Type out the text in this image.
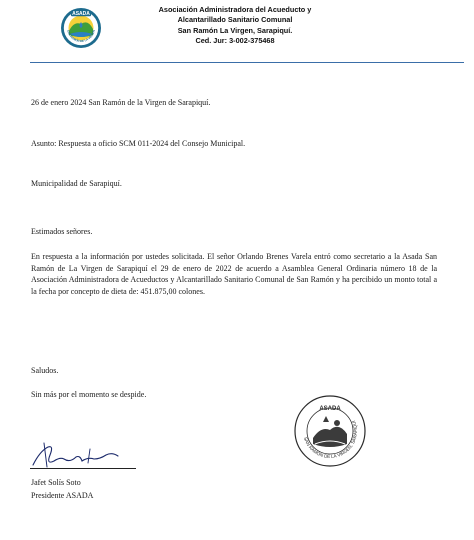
ASADA
SAN RAMÓN DE LA VIRGEN
Asociación Administradora del Acueducto y
Alcantarillado Sanitario Comunal
San Ramón La Virgen, Sarapiquí.
Ced. Jur: 3-002-375468
26 de enero 2024 San Ramón de la Virgen de Sarapiquí.
Asunto: Respuesta a oficio SCM 011-2024 del Consejo Municipal.
Municipalidad de Sarapiquí.
Estimados señores.
En respuesta a la información por ustedes solicitada. El señor Orlando Brenes Varela entró como secretario a la Asada San Ramón de La Virgen de Sarapiquí el 29 de enero de 2022 de acuerdo a Asamblea General Ordinaria número 18 de la Asociación Administradora de Acueductos y Alcantarillado Sanitario Comunal de San Ramón y ha percibido un monto total a la fecha por concepto de dieta de: 451.875,00 colones.
Saludos.
Sin más por el momento se despide.
Jafet Solís Soto
Presidente ASADA
ASADA
SAN RAMÓN DE LA VIRGEN, SARAPIQUÍ
